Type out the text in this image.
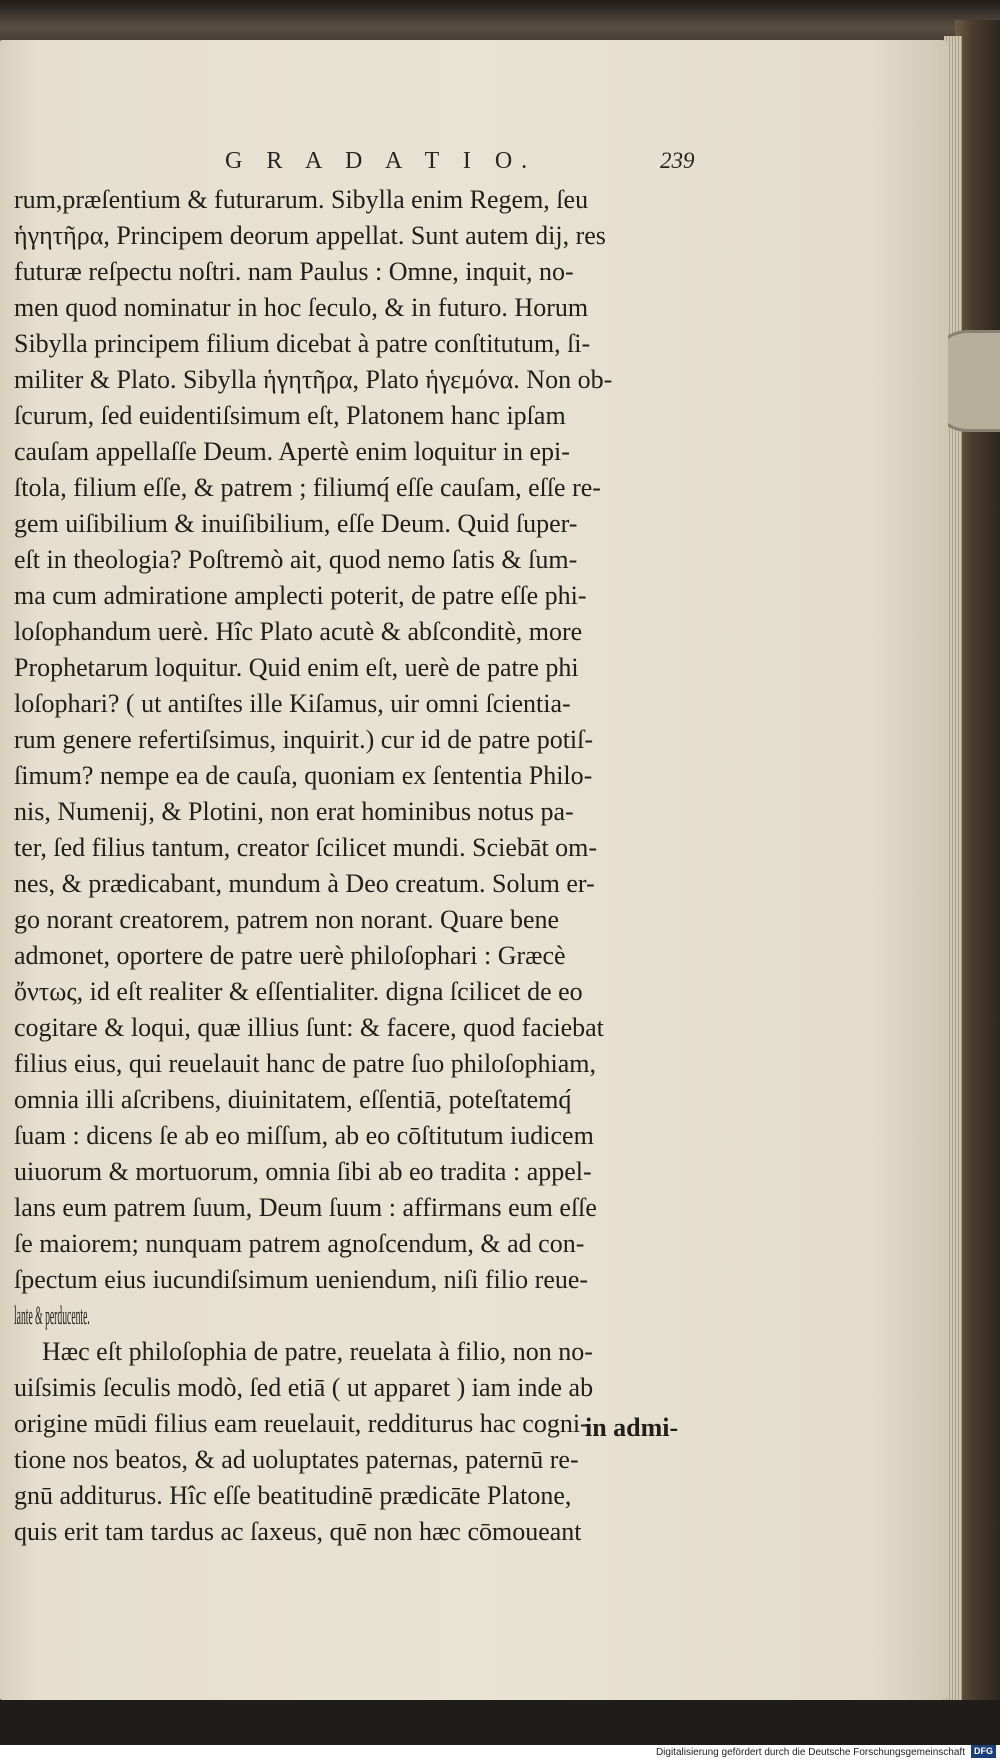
G R A D A T I O.	239
rum,præſentium & futurarum. Sibylla enim Regem, ſeu
ἡγητῆρα, Principem deorum appellat. Sunt autem dij, res
futuræ reſpectu noſtri. nam Paulus : Omne, inquit, no-
men quod nominatur in hoc ſeculo, & in futuro. Horum
Sibylla principem filium dicebat à patre conſtitutum, ſi-
militer & Plato. Sibylla ἡγητῆρα, Plato ἡγεμόνα. Non ob-
ſcurum, ſed euidentiſsimum eſt, Platonem hanc ipſam
cauſam appellaſſe Deum. Apertè enim loquitur in epi-
ſtola, filium eſſe, & patrem ; filiumq́ eſſe cauſam, eſſe re-
gem uiſibilium & inuiſibilium, eſſe Deum. Quid ſuper-
eſt in theologia? Poſtremò ait, quod nemo ſatis & ſum-
ma cum admiratione amplecti poterit, de patre eſſe phi-
loſophandum uerè. Hîc Plato acutè & abſconditè, more
Prophetarum loquitur. Quid enim eſt, uerè de patre phi
loſophari? ( ut antiſtes ille Kiſamus, uir omni ſcientia-
rum genere refertiſsimus, inquirit.) cur id de patre potiſ-
ſimum? nempe ea de cauſa, quoniam ex ſententia Philo-
nis, Numenij, & Plotini, non erat hominibus notus pa-
ter, ſed filius tantum, creator ſcilicet mundi. Sciebāt om-
nes, & prædicabant, mundum à Deo creatum. Solum er-
go norant creatorem, patrem non norant. Quare bene
admonet, oportere de patre uerè philoſophari : Græcè
ὄντως, id eſt realiter & eſſentialiter. digna ſcilicet de eo
cogitare & loqui, quæ illius ſunt: & facere, quod faciebat
filius eius, qui reuelauit hanc de patre ſuo philoſophiam,
omnia illi aſcribens, diuinitatem, eſſentiā, poteſtatemq́
ſuam : dicens ſe ab eo miſſum, ab eo cōſtitutum iudicem
uiuorum & mortuorum, omnia ſibi ab eo tradita : appel-
lans eum patrem ſuum, Deum ſuum : affirmans eum eſſe
ſe maiorem; nunquam patrem agnoſcendum, & ad con-
ſpectum eius iucundiſsimum ueniendum, niſi filio reue-
lante & perducente.
Hæc eſt philoſophia de patre, reuelata à filio, non no-
uiſsimis ſeculis modò, ſed etiā ( ut apparet ) iam inde ab
origine mūdi filius eam reuelauit, redditurus hac cogni-
tione nos beatos, & ad uoluptates paternas, paternū re-
gnū additurus. Hîc eſſe beatitudinē prædicāte Platone,
quis erit tam tardus ac ſaxeus, quē non hæc cōmoueant
in admi-
Digitalisierung gefördert durch die Deutsche Forschungsgemeinschaft DFG
